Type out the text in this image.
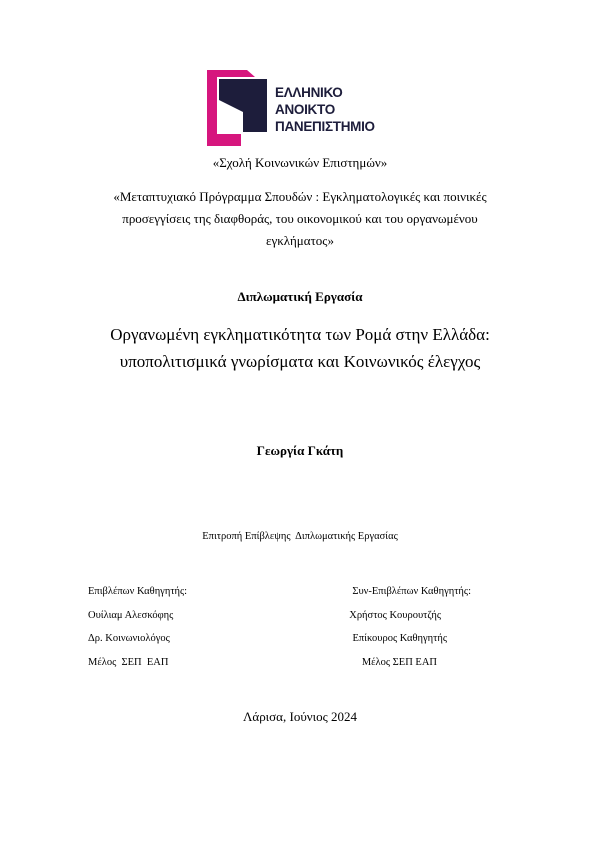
ΕΛΛΗΝΙΚΟ
ΑΝΟΙΚΤΟ
ΠΑΝΕΠΙΣΤΗΜΙΟ
«Σχολή Κοινωνικών Επιστημών»
«Μεταπτυχιακό Πρόγραμμα Σπουδών : Εγκληματολογικές και ποινικές
προσεγγίσεις της διαφθοράς, του οικονομικού και του οργανωμένου
εγκλήματος»
Διπλωματική Εργασία
Οργανωμένη εγκληματικότητα των Ρομά στην Ελλάδα:
υποπολιτισμικά γνωρίσματα και Κοινωνικός έλεγχος
Γεωργία Γκάτη
Επιτροπή Επίβλεψης  Διπλωματικής Εργασίας
Επιβλέπων Καθηγητής:
Ουίλιαμ Αλεσκόφης
Δρ. Κοινωνιολόγος
Μέλος  ΣΕΠ  ΕΑΠ
Συν-Επιβλέπων Καθηγητής:
Χρήστος Κουρουτζής
Επίκουρος Καθηγητής
Μέλος ΣΕΠ ΕΑΠ
Λάρισα, Ιούνιος 2024
